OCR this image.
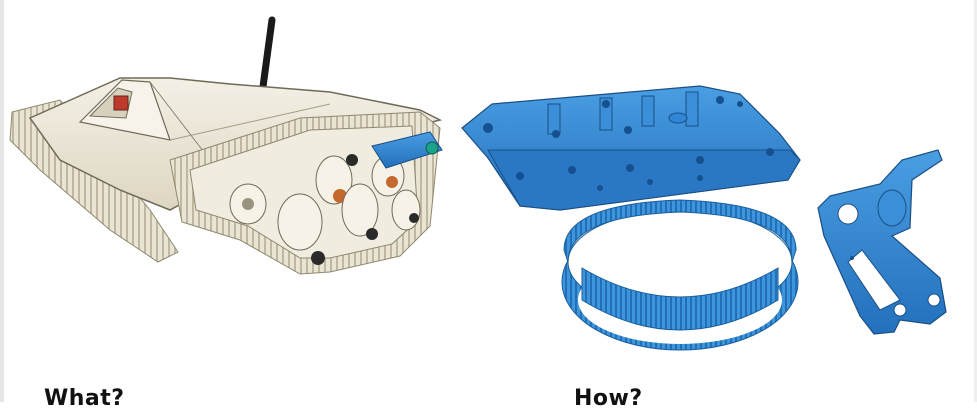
What?	How?
